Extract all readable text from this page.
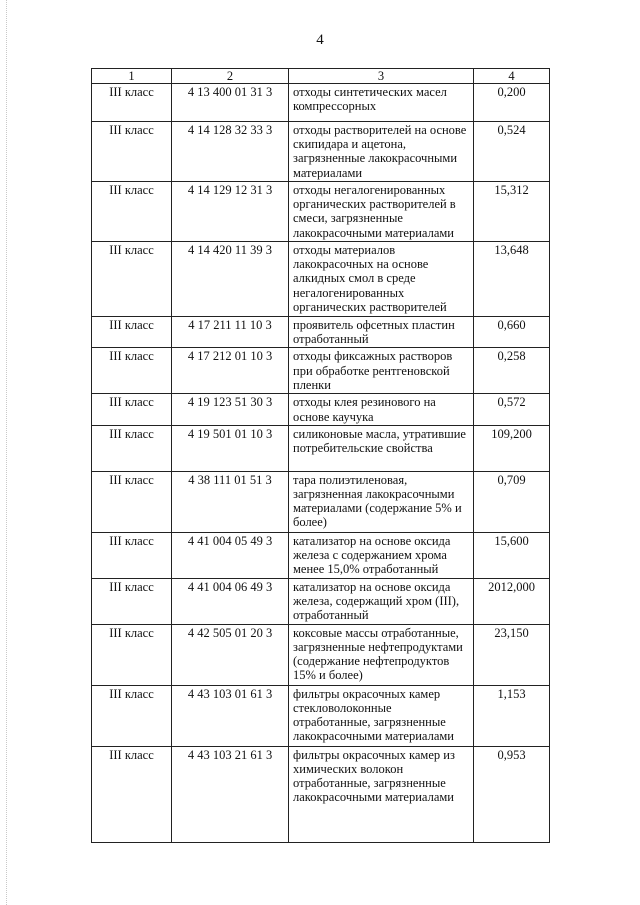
4
1	2	3	4
III класс	4 13 400 01 31 3	отходы синтетических масел компрессорных	0,200
III класс	4 14 128 32 33 3	отходы растворителей на основе скипидара и ацетона, загрязненные лакокрасочными материалами	0,524
III класс	4 14 129 12 31 3	отходы негалогенированных органических растворителей в смеси, загрязненные лакокрасочными материалами	15,312
III класс	4 14 420 11 39 3	отходы материалов лакокрасочных на основе алкидных смол в среде негалогенированных органических растворителей	13,648
III класс	4 17 211 11 10 3	проявитель офсетных пластин отработанный	0,660
III класс	4 17 212 01 10 3	отходы фиксажных растворов при обработке рентгеновской пленки	0,258
III класс	4 19 123 51 30 3	отходы клея резинового на основе каучука	0,572
III класс	4 19 501 01 10 3	силиконовые масла, утратившие потребительские свойства	109,200
III класс	4 38 111 01 51 3	тара полиэтиленовая, загрязненная лакокрасочными материалами (содержание 5% и более)	0,709
III класс	4 41 004 05 49 3	катализатор на основе оксида железа с содержанием хрома менее 15,0% отработанный	15,600
III класс	4 41 004 06 49 3	катализатор на основе оксида железа, содержащий хром (III), отработанный	2012,000
III класс	4 42 505 01 20 3	коксовые массы отработанные, загрязненные нефтепродуктами (содержание нефтепродуктов 15% и более)	23,150
III класс	4 43 103 01 61 3	фильтры окрасочных камер стекловолоконные отработанные, загрязненные лакокрасочными материалами	1,153
III класс	4 43 103 21 61 3	фильтры окрасочных камер из химических волокон отработанные, загрязненные лакокрасочными материалами	0,953
